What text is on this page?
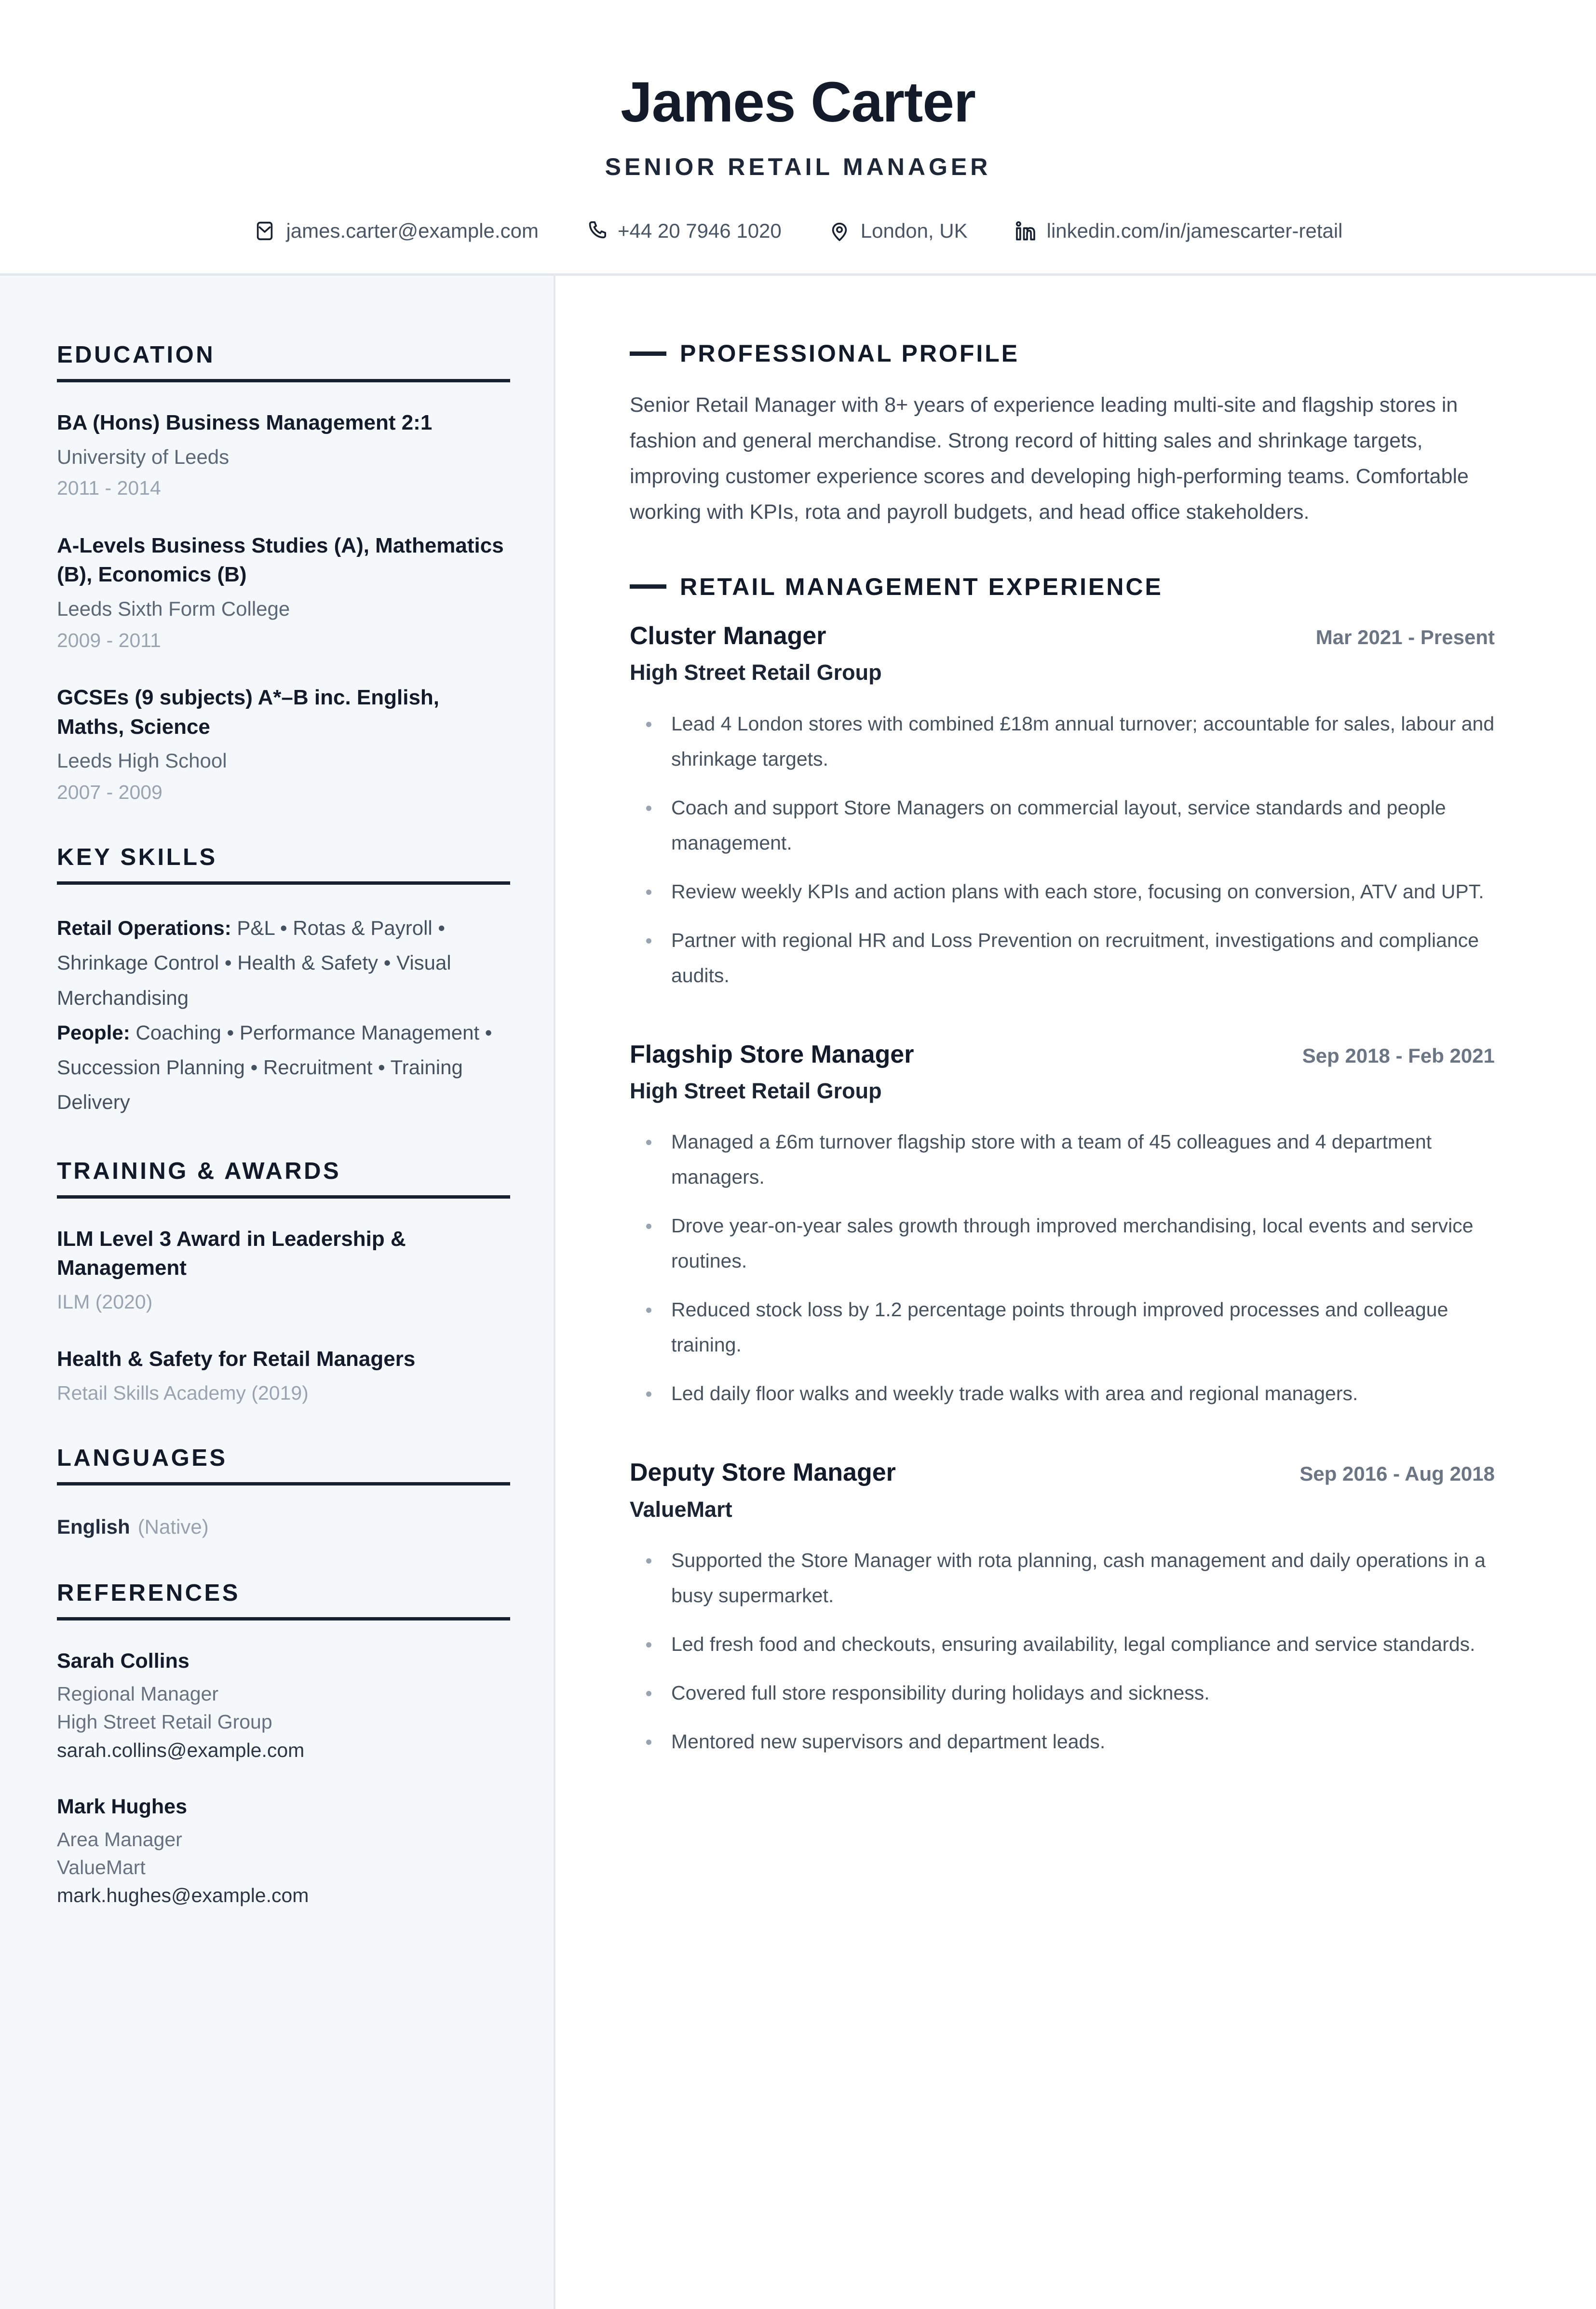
James Carter
SENIOR RETAIL MANAGER
james.carter@example.com	+44 20 7946 1020	London, UK	linkedin.com/in/jamescarter-retail
EDUCATION
BA (Hons) Business Management 2:1
University of Leeds
2011 - 2014
A-Levels Business Studies (A), Mathematics (B), Economics (B)
Leeds Sixth Form College
2009 - 2011
GCSEs (9 subjects) A*–B inc. English, Maths, Science
Leeds High School
2007 - 2009
KEY SKILLS

Retail Operations: P&L • Rotas & Payroll • Shrinkage Control • Health & Safety • Visual Merchandising

People: Coaching • Performance Management • Succession Planning • Recruitment • Training Delivery

TRAINING & AWARDS
ILM Level 3 Award in Leadership & Management
ILM (2020)
Health & Safety for Retail Managers
Retail Skills Academy (2019)
LANGUAGES
English (Native)
REFERENCES
Sarah Collins
Regional Manager
High Street Retail Group
sarah.collins@example.com
Mark Hughes
Area Manager
ValueMart
mark.hughes@example.com
PROFESSIONAL PROFILE

Senior Retail Manager with 8+ years of experience leading multi-site and flagship stores in fashion and general merchandise. Strong record of hitting sales and shrinkage targets, improving customer experience scores and developing high-performing teams. Comfortable working with KPIs, rota and payroll budgets, and head office stakeholders.

RETAIL MANAGEMENT EXPERIENCE
Cluster Manager	Mar 2021 - Present
High Street Retail Group
Lead 4 London stores with combined £18m annual turnover; accountable for sales, labour and shrinkage targets.
Coach and support Store Managers on commercial layout, service standards and people management.
Review weekly KPIs and action plans with each store, focusing on conversion, ATV and UPT.
Partner with regional HR and Loss Prevention on recruitment, investigations and compliance audits.
Flagship Store Manager	Sep 2018 - Feb 2021
High Street Retail Group
Managed a £6m turnover flagship store with a team of 45 colleagues and 4 department managers.
Drove year-on-year sales growth through improved merchandising, local events and service routines.
Reduced stock loss by 1.2 percentage points through improved processes and colleague training.
Led daily floor walks and weekly trade walks with area and regional managers.
Deputy Store Manager	Sep 2016 - Aug 2018
ValueMart
Supported the Store Manager with rota planning, cash management and daily operations in a busy supermarket.
Led fresh food and checkouts, ensuring availability, legal compliance and service standards.
Covered full store responsibility during holidays and sickness.
Mentored new supervisors and department leads.
